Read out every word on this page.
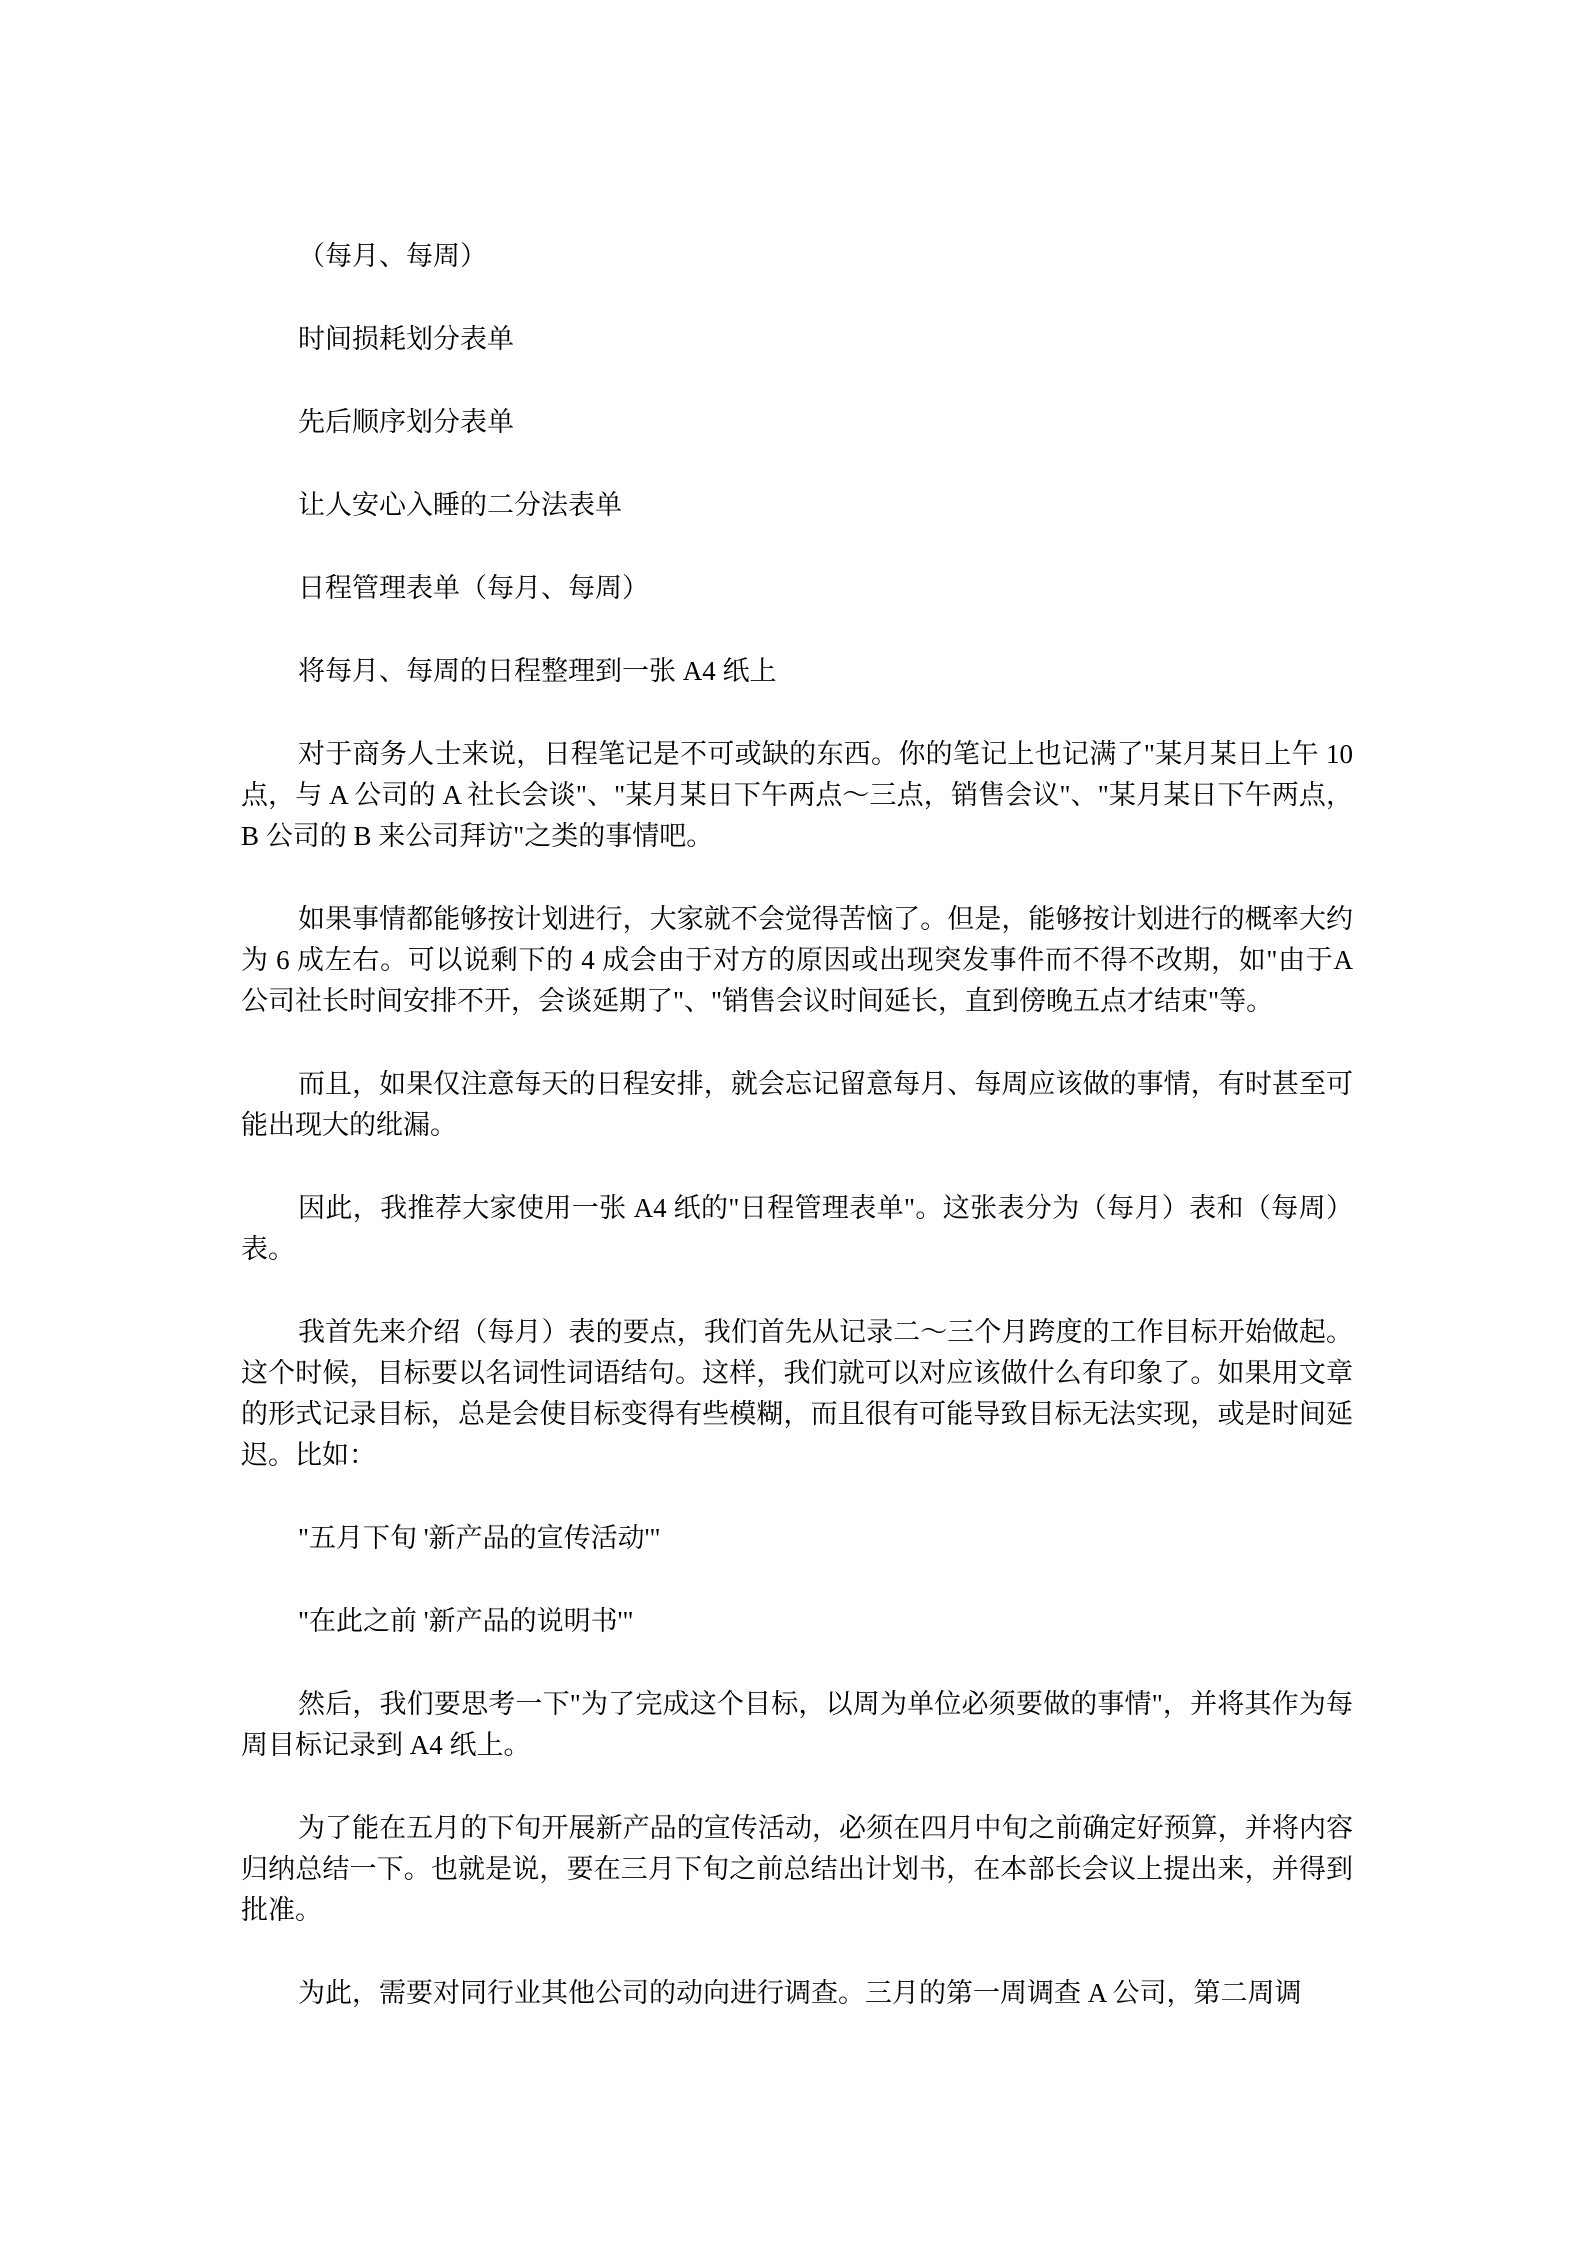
（每月、每周）

时间损耗划分表单

先后顺序划分表单

让人安心入睡的二分法表单

日程管理表单（每月、每周）

将每月、每周的日程整理到一张 A4 纸上

对于商务人士来说，日程笔记是不可或缺的东西。你的笔记上也记满了"某月某日上午 10 点，与 A 公司的 A 社长会谈"、"某月某日下午两点～三点，销售会议"、"某月某日下午两点， B 公司的 B 来公司拜访"之类的事情吧。

如果事情都能够按计划进行，大家就不会觉得苦恼了。但是，能够按计划进行的概率大约为 6 成左右。可以说剩下的 4 成会由于对方的原因或出现突发事件而不得不改期，如"由于A 公司社长时间安排不开，会谈延期了"、"销售会议时间延长，直到傍晚五点才结束"等。

而且，如果仅注意每天的日程安排，就会忘记留意每月、每周应该做的事情，有时甚至可能出现大的纰漏。

因此，我推荐大家使用一张 A4 纸的"日程管理表单"。这张表分为（每月）表和（每周）表。

我首先来介绍（每月）表的要点，我们首先从记录二～三个月跨度的工作目标开始做起。这个时候，目标要以名词性词语结句。这样，我们就可以对应该做什么有印象了。如果用文章的形式记录目标，总是会使目标变得有些模糊，而且很有可能导致目标无法实现，或是时间延迟。比如：

"五月下旬 '新产品的宣传活动'"

"在此之前 '新产品的说明书'"

然后，我们要思考一下"为了完成这个目标，以周为单位必须要做的事情"，并将其作为每周目标记录到 A4 纸上。

为了能在五月的下旬开展新产品的宣传活动，必须在四月中旬之前确定好预算，并将内容归纳总结一下。也就是说，要在三月下旬之前总结出计划书，在本部长会议上提出来，并得到批准。

为此，需要对同行业其他公司的动向进行调查。三月的第一周调查 A 公司，第二周调
